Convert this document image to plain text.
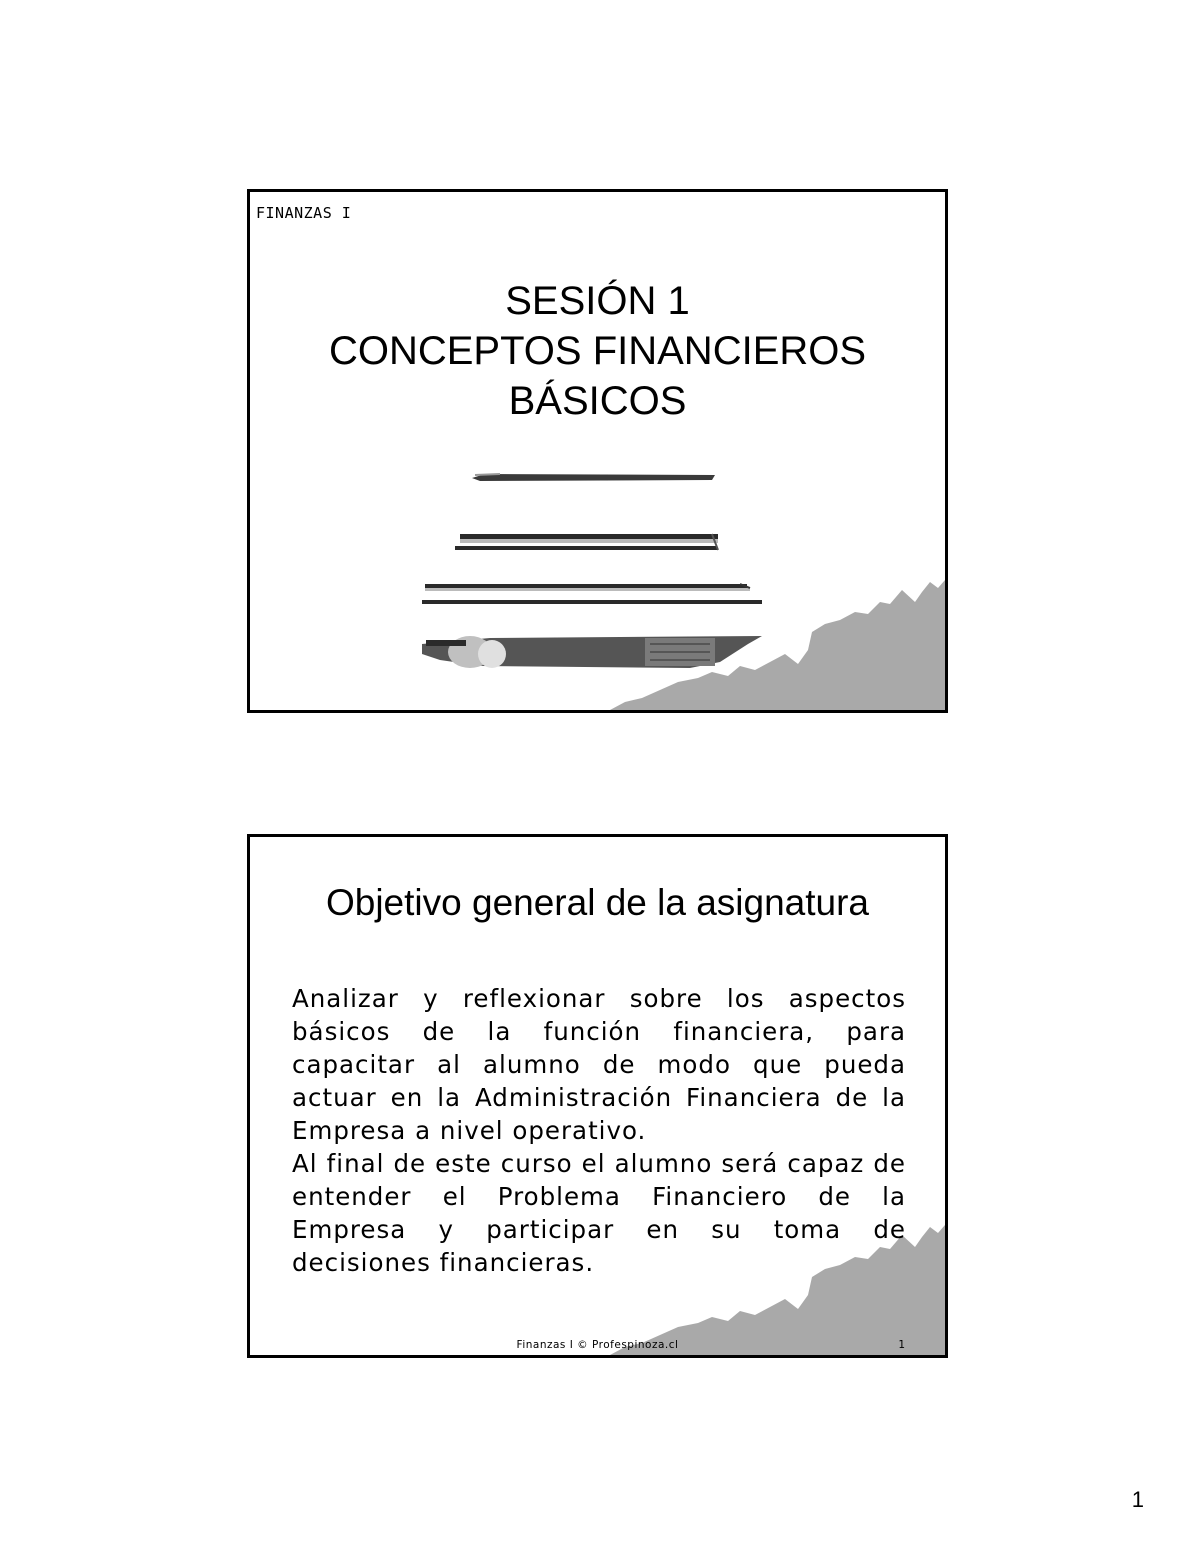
FINANZAS I
SESIÓN 1
CONCEPTOS FINANCIEROS
BÁSICOS
Objetivo general de la asignatura

Analizar y reflexionar sobre los aspectos básicos de la función financiera, para capacitar al alumno de modo que pueda actuar en la Administración Financiera de la Empresa a nivel operativo.

Al final de este curso el alumno será capaz de entender el Problema Financiero de la Empresa y participar en su toma de decisiones financieras.

Finanzas I © Profespinoza.cl	1
1
